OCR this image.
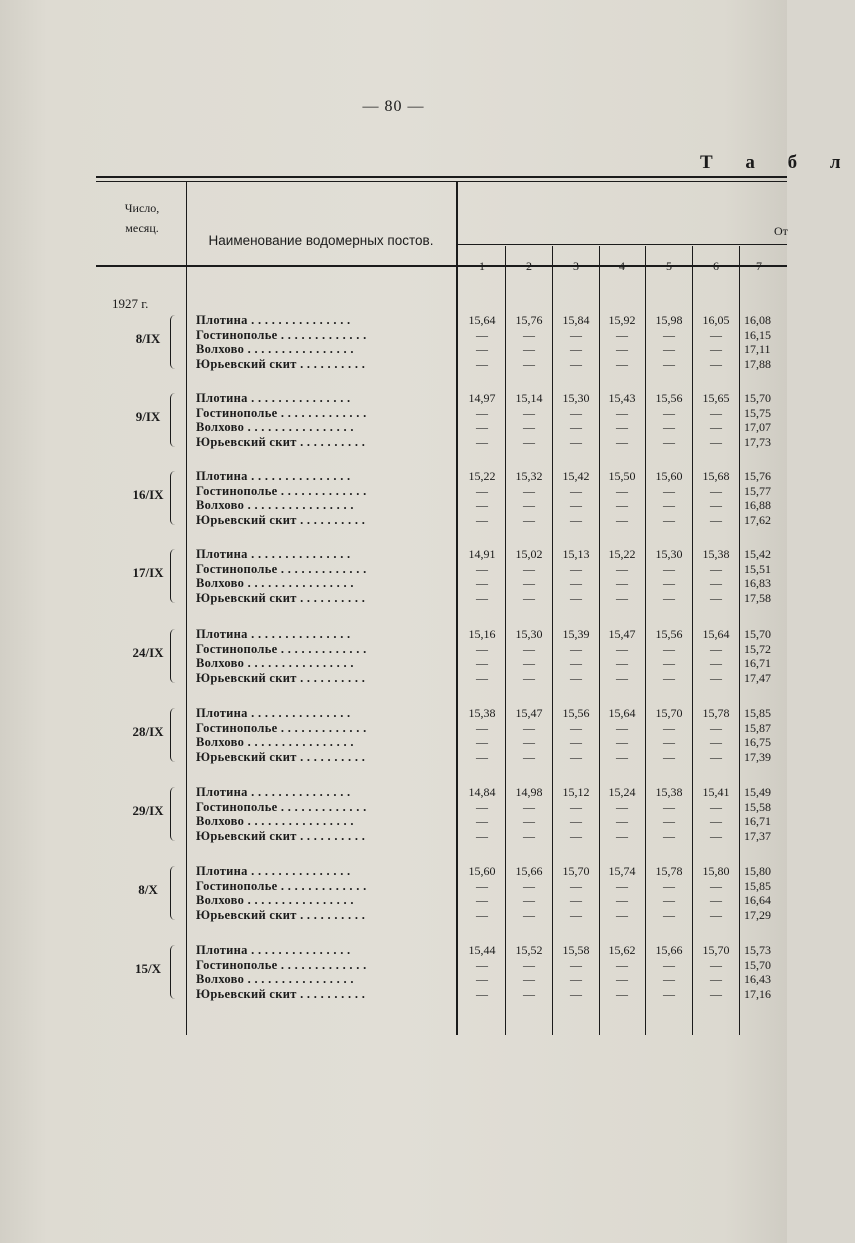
— 80 —
Т а б л
Число,
месяц.
Наименование водомерных постов.
От
1	2	3	4	5	6	7
1927 г.
8/IX
Плотина . . . . . . . . . . . . . . .	15,64	15,76	15,84	15,92	15,98	16,05	16,08
Гостинополье . . . . . . . . . . . . .	—	—	—	—	—	—	16,15
Волхово . . . . . . . . . . . . . . . .	—	—	—	—	—	—	17,11
Юрьевский скит . . . . . . . . . .	—	—	—	—	—	—	17,88
9/IX
Плотина . . . . . . . . . . . . . . .	14,97	15,14	15,30	15,43	15,56	15,65	15,70
Гостинополье . . . . . . . . . . . . .	—	—	—	—	—	—	15,75
Волхово . . . . . . . . . . . . . . . .	—	—	—	—	—	—	17,07
Юрьевский скит . . . . . . . . . .	—	—	—	—	—	—	17,73
16/IX
Плотина . . . . . . . . . . . . . . .	15,22	15,32	15,42	15,50	15,60	15,68	15,76
Гостинополье . . . . . . . . . . . . .	—	—	—	—	—	—	15,77
Волхово . . . . . . . . . . . . . . . .	—	—	—	—	—	—	16,88
Юрьевский скит . . . . . . . . . .	—	—	—	—	—	—	17,62
17/IX
Плотина . . . . . . . . . . . . . . .	14,91	15,02	15,13	15,22	15,30	15,38	15,42
Гостинополье . . . . . . . . . . . . .	—	—	—	—	—	—	15,51
Волхово . . . . . . . . . . . . . . . .	—	—	—	—	—	—	16,83
Юрьевский скит . . . . . . . . . .	—	—	—	—	—	—	17,58
24/IX
Плотина . . . . . . . . . . . . . . .	15,16	15,30	15,39	15,47	15,56	15,64	15,70
Гостинополье . . . . . . . . . . . . .	—	—	—	—	—	—	15,72
Волхово . . . . . . . . . . . . . . . .	—	—	—	—	—	—	16,71
Юрьевский скит . . . . . . . . . .	—	—	—	—	—	—	17,47
28/IX
Плотина . . . . . . . . . . . . . . .	15,38	15,47	15,56	15,64	15,70	15,78	15,85
Гостинополье . . . . . . . . . . . . .	—	—	—	—	—	—	15,87
Волхово . . . . . . . . . . . . . . . .	—	—	—	—	—	—	16,75
Юрьевский скит . . . . . . . . . .	—	—	—	—	—	—	17,39
29/IX
Плотина . . . . . . . . . . . . . . .	14,84	14,98	15,12	15,24	15,38	15,41	15,49
Гостинополье . . . . . . . . . . . . .	—	—	—	—	—	—	15,58
Волхово . . . . . . . . . . . . . . . .	—	—	—	—	—	—	16,71
Юрьевский скит . . . . . . . . . .	—	—	—	—	—	—	17,37
8/X
Плотина . . . . . . . . . . . . . . .	15,60	15,66	15,70	15,74	15,78	15,80	15,80
Гостинополье . . . . . . . . . . . . .	—	—	—	—	—	—	15,85
Волхово . . . . . . . . . . . . . . . .	—	—	—	—	—	—	16,64
Юрьевский скит . . . . . . . . . .	—	—	—	—	—	—	17,29
15/X
Плотина . . . . . . . . . . . . . . .	15,44	15,52	15,58	15,62	15,66	15,70	15,73
Гостинополье . . . . . . . . . . . . .	—	—	—	—	—	—	15,70
Волхово . . . . . . . . . . . . . . . .	—	—	—	—	—	—	16,43
Юрьевский скит . . . . . . . . . .	—	—	—	—	—	—	17,16
